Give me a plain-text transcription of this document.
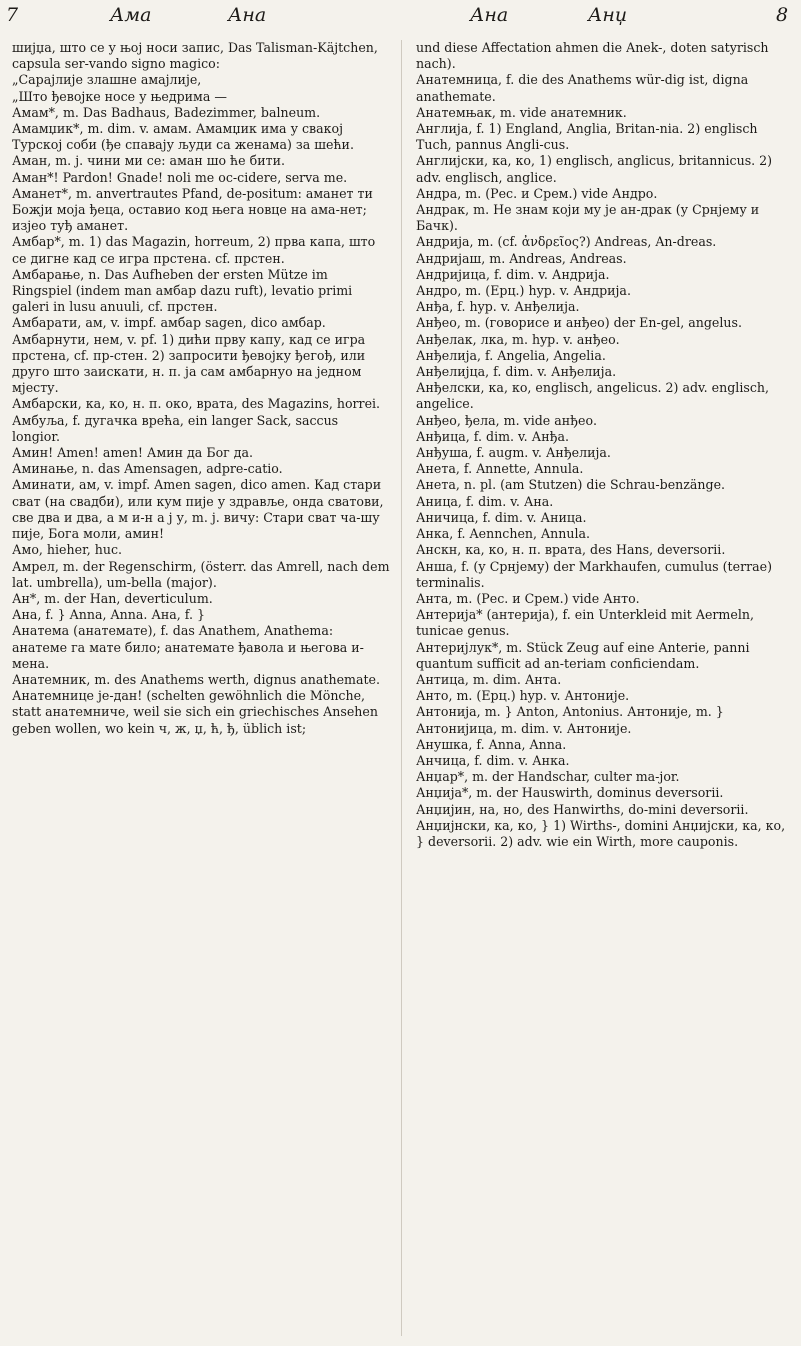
7	Ама	Ана	Ана	Анџ	8

шиjџа, што се у њоj носи запис, Das Talisman-Käjtchen, capsula ser-vando signo magico:

„Сараjлиjе злашне амаjлиjе,

„Што ђевоjке носе у њедрима —

Амам*, m. Das Badhaus, Badezimmer, balneum.

Амамџик*, m. dim. v. амам. Амамџик има у свакоj Турскоj соби (ђе спаваjу људи са женама) за шећи.

Аман, m. j. чини ми се: аман шо ће бити.

Аман*! Pardon! Gnade! noli me oc-cidere, serva me.

Аманет*, m. anvertrautes Pfand, de-positum: аманет ти Божjи моjа ђеца, оставио код њега новце на ама-нет; изjео туђ аманет.

Амбар*, m. 1) das Magazin, horreum, 2) прва капа, што се дигне кад се игра прстена. cf. прстен.

Амбарање, n. Das Aufheben der ersten Mütze im Ringspiel (indem man амбар dazu ruft), levatio primi galeri in lusu anuuli, cf. прстен.

Амбарати, ам, v. impf. амбар sagen, dico амбар.

Амбарнути, нем, v. pf. 1) дићи прву капу, кад се игра прстена, cf. пр-стен. 2) запросити ђевоjку ђегођ, или друго што заискати, н. п. ja сам амбарнуо на jедном мjесту.

Амбарски, ка, ко, н. п. око, врата, des Magazins, horrei.

Амбуља, f. дугачка врећа, ein langer Sack, saccus longior.

Амин! Amen! amen! Амин да Бог да.

Аминање, n. das Amensagen, adpre-catio.

Аминати, ам, v. impf. Amen sagen, dico amen. Кад стари сват (на свадби), или кум пиjе у здравље, онда сватови, све два и два, а м и-н а j у, m. j. вичу: Стари сват ча-шу пиjе, Бога моли, амин!

Амо, hieher, huc.

Амрел, m. der Regenschirm, (österr. das Amrell, nach dem lat. umbrella), um-bella (major).

Ан*, m. der Han, deverticulum.

Ана, f. } Anna, Anna. Ана, f. }

Анатема (анатемате), f. das Anathem, Anathema: анатеме га мате било; анатемате ђавола и његова и-мена.

Анатемник, m. des Anathems werth, dignus anathemate. Анатемнице je-дан! (schelten gewöhnlich die Mönche, statt анатемниче, weil sie sich ein griechisches Ansehen geben wollen, wo kein ч, ж, џ, ћ, ђ, üblich ist;

und diese Affectation ahmen die Anek-, doten satyrisch nach).

Анатемница, f. die des Anathems wür-dig ist, digna anathemate.

Анатемњак, m. vide анатемник.

Англиjа, f. 1) England, Anglia, Britan-nia. 2) englisch Tuch, pannus Angli-cus.

Англиjски, ка, ко, 1) englisch, anglicus, britannicus. 2) adv. englisch, anglice.

Андра, m. (Рес. и Срем.) vide Андро.

Андрак, m. Не знам коjи му je ан-драк (у Срнjему и Бачк).

Андриjа, m. (cf. ἀνδρεῖος?) Andreas, An-dreas.

Андриjаш, m. Andreas, Andreas.

Андриjица, f. dim. v. Андриjа.

Андро, m. (Ерц.) hyp. v. Андриjа.

Анђа, f. hyp. v. Анђелиjа.

Анђео, m. (говорисе и анђео) der En-gel, angelus.

Анђелак, лка, m. hyp. v. анђео.

Анђелиjа, f. Angelia, Angelia.

Анђелиjца, f. dim. v. Анђелиjа.

Анђелски, ка, ко, englisch, angelicus. 2) adv. englisch, angelice.

Анђео, ђела, m. vide анђео.

Анђица, f. dim. v. Анђа.

Анђуша, f. augm. v. Анђелиjа.

Анета, f. Annette, Annula.

Анета, n. pl. (am Stutzen) die Schrau-benzänge.

Аница, f. dim. v. Ана.

Аничица, f. dim. v. Аница.

Анка, f. Aennchen, Annula.

Анскн, ка, ко, н. п. врата, des Hans, deversorii.

Анша, f. (у Срнjему) der Markhaufen, cumulus (terrae) terminalis.

Анта, m. (Рес. и Срем.) vide Анто.

Антериjа* (антериjа), f. ein Unterkleid mit Aermeln, tunicae genus.

Антериjлук*, m. Stück Zeug auf eine Anterie, panni quantum sufficit ad an-teriam conficiendam.

Антица, m. dim. Анта.

Анто, m. (Ерц.) hyp. v. Антониjе.

Антониjа, m. } Anton, Antonius. Антониjе, m. }

Антониjица, m. dim. v. Антониjе.

Анушка, f. Anna, Anna.

Анчица, f. dim. v. Анка.

Анџар*, m. der Handschar, culter ma-jor.

Анџиjа*, m. der Hauswirth, dominus deversorii.

Анџиjин, на, но, des Hanwirths, do-mini deversorii.

Анџиjнски, ка, ко, } 1) Wirths-, domini Анџиjски, ка, ко, } deversorii. 2) adv. wie ein Wirth, more cauponis.
